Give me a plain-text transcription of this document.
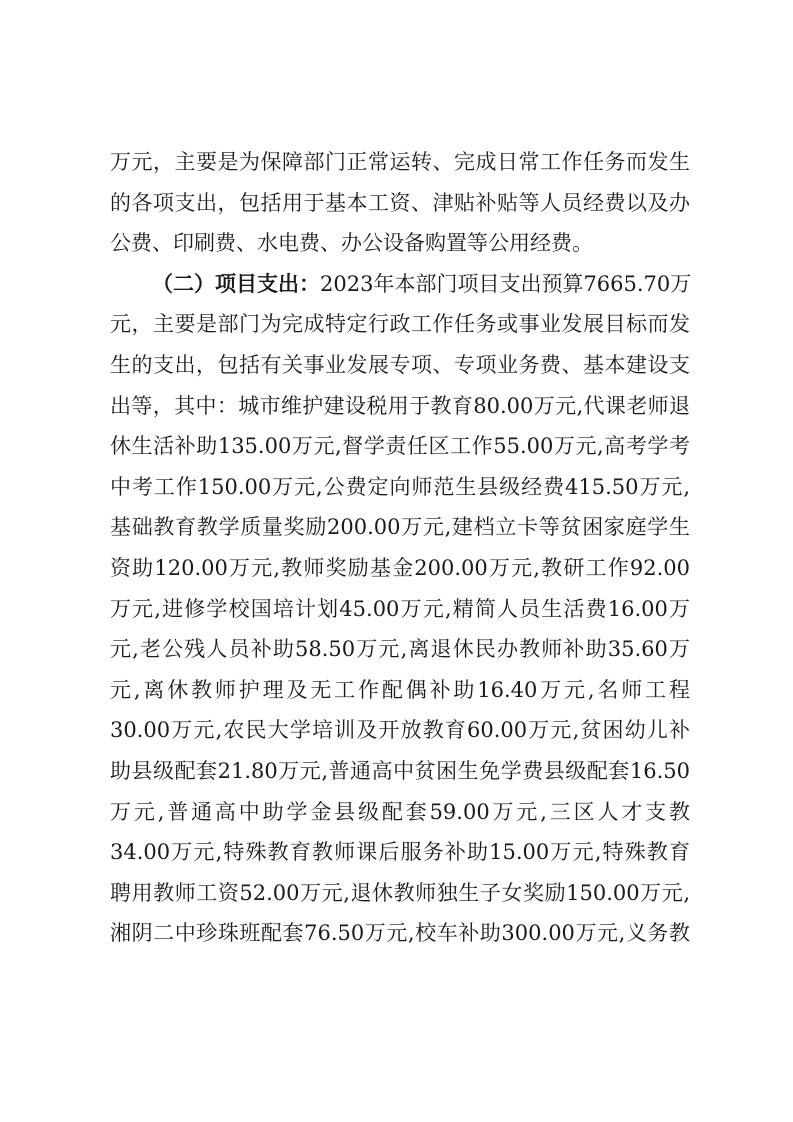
万元，主要是为保障部门正常运转、完成日常工作任务而发生
的各项支出，包括用于基本工资、津贴补贴等人员经费以及办
公费、印刷费、水电费、办公设备购置等公用经费。
（二）项目支出：2023年本部门项目支出预算7665.70万
元，主要是部门为完成特定行政工作任务或事业发展目标而发
生的支出，包括有关事业发展专项、专项业务费、基本建设支
出等，其中：城市维护建设税用于教育80.00万元,代课老师退
休生活补助135.00万元,督学责任区工作55.00万元,高考学考
中考工作150.00万元,公费定向师范生县级经费415.50万元,
基础教育教学质量奖励200.00万元,建档立卡等贫困家庭学生
资助120.00万元,教师奖励基金200.00万元,教研工作92.00
万元,进修学校国培计划45.00万元,精简人员生活费16.00万
元,老公残人员补助58.50万元,离退休民办教师补助35.60万
元,离休教师护理及无工作配偶补助16.40万元,名师工程
30.00万元,农民大学培训及开放教育60.00万元,贫困幼儿补
助县级配套21.80万元,普通高中贫困生免学费县级配套16.50
万元,普通高中助学金县级配套59.00万元,三区人才支教
34.00万元,特殊教育教师课后服务补助15.00万元,特殊教育
聘用教师工资52.00万元,退休教师独生子女奖励150.00万元,
湘阴二中珍珠班配套76.50万元,校车补助300.00万元,义务教
